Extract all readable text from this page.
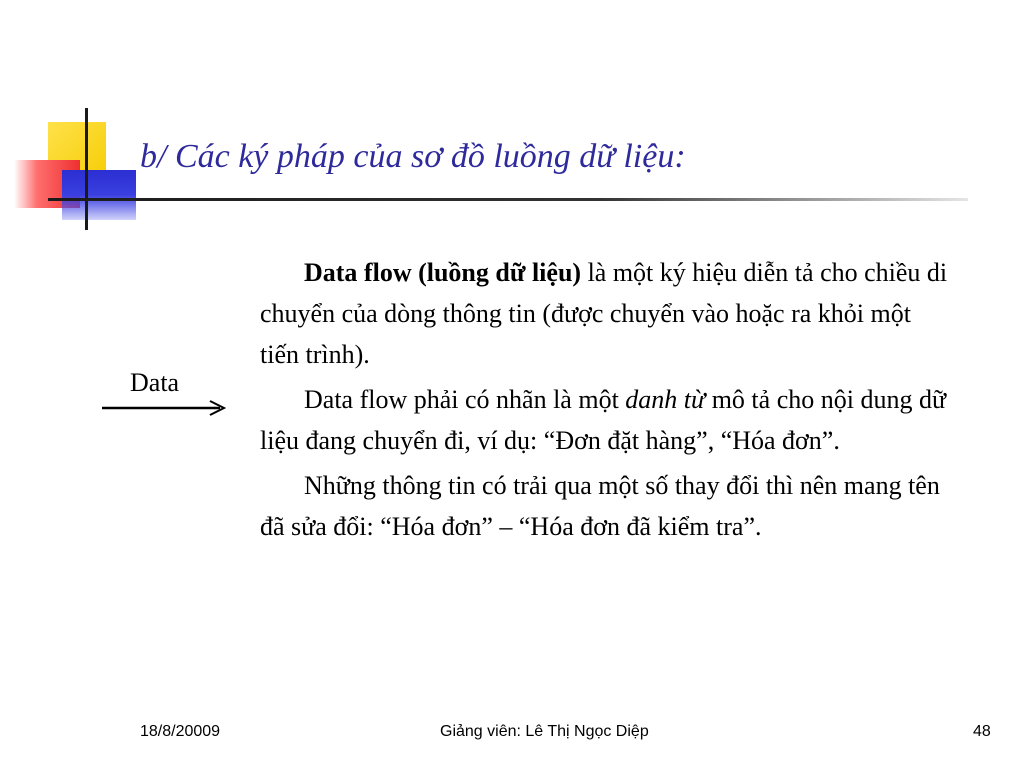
b/ Các ký pháp của sơ đồ luồng dữ liệu:
Data

Data flow (luồng dữ liệu) là một ký hiệu diễn tả cho chiều di chuyển của dòng thông tin (được chuyển vào hoặc ra khỏi một tiến trình).

Data flow phải có nhãn là một danh từ mô tả cho nội dung dữ liệu đang chuyển đi, ví dụ: “Đơn đặt hàng”, “Hóa đơn”.

Những thông tin có trải qua một số thay đổi thì nên mang tên đã sửa đổi: “Hóa đơn” – “Hóa đơn đã kiểm tra”.

18/8/20009	Giảng viên: Lê Thị Ngọc Diệp	48
